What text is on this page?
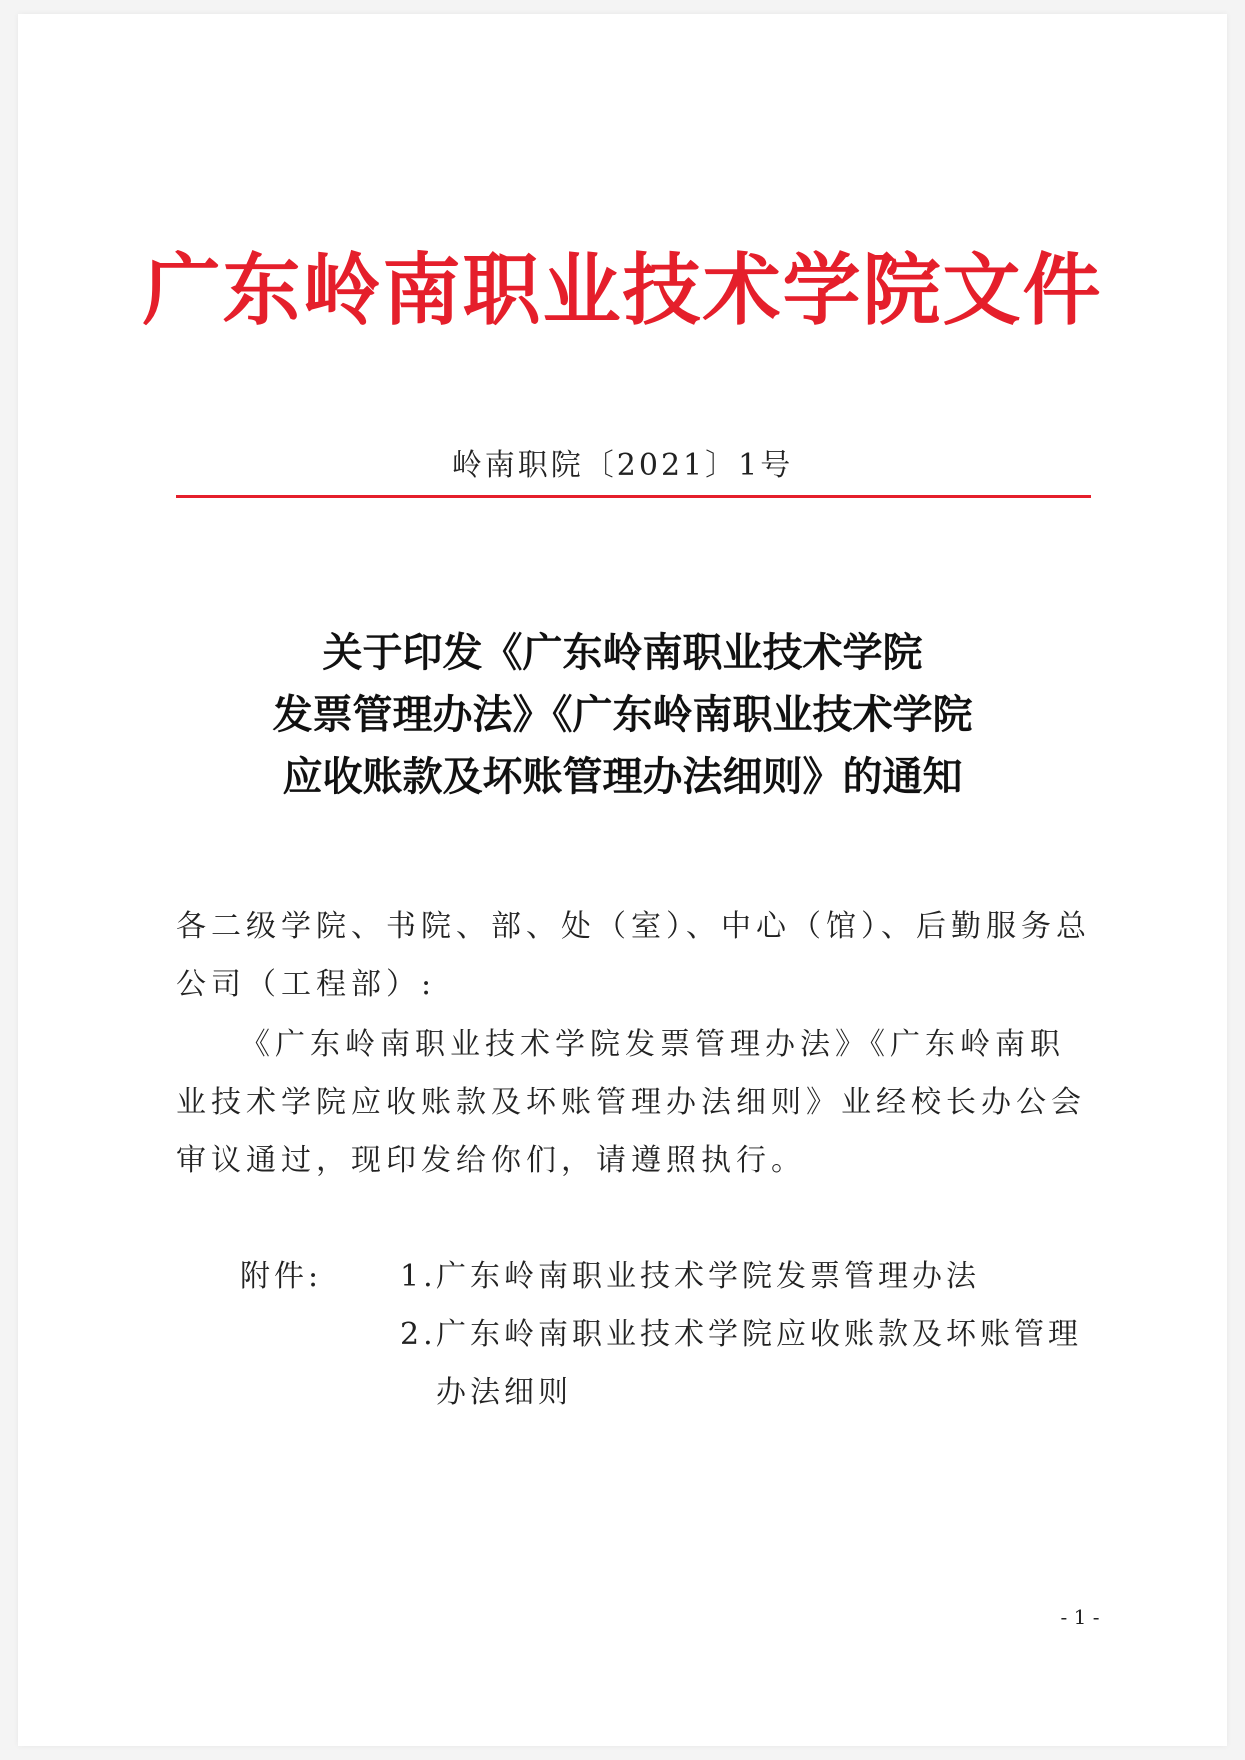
广东岭南职业技术学院文件
岭南职院〔2021〕1号
关于印发《广东岭南职业技术学院
发票管理办法》《广东岭南职业技术学院
应收账款及坏账管理办法细则》的通知
各二级学院、书院、部、处（室）、中心（馆）、后勤服务总公司（工程部）:
《广东岭南职业技术学院发票管理办法》《广东岭南职业技术学院应收账款及坏账管理办法细则》业经校长办公会审议通过，现印发给你们，请遵照执行。
附件:	1. 广东岭南职业技术学院发票管理办法
2. 广东岭南职业技术学院应收账款及坏账管理办法细则
- 1 -
